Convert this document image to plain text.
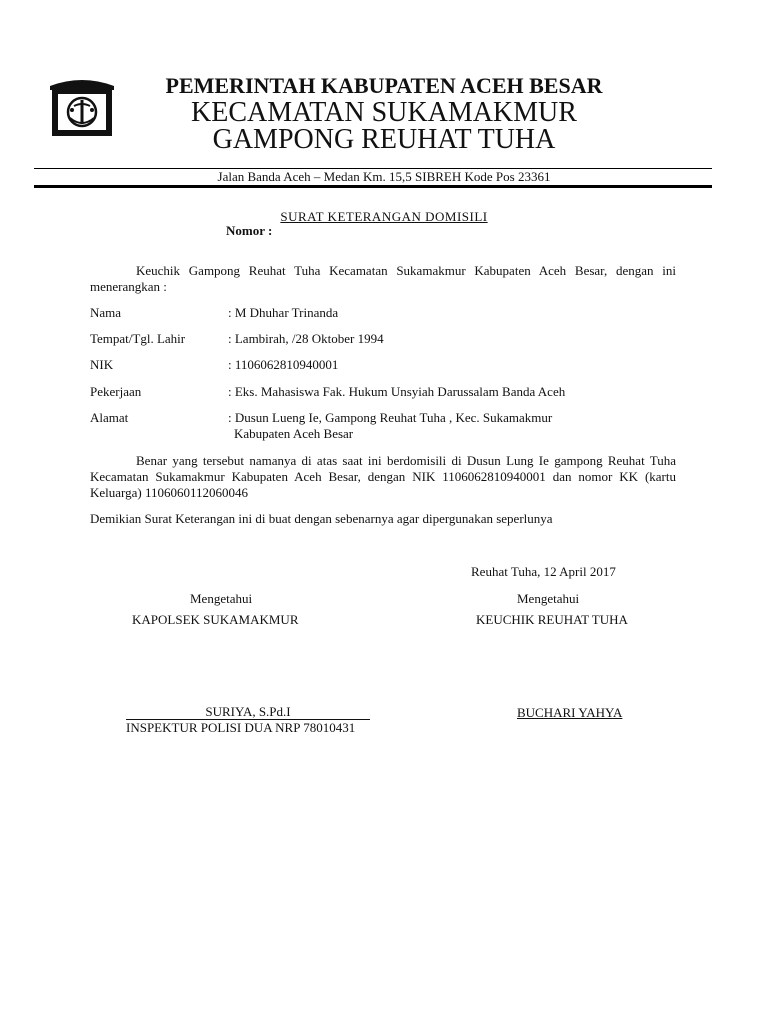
PEMERINTAH KABUPATEN ACEH BESAR
KECAMATAN SUKAMAKMUR
GAMPONG REUHAT TUHA
Jalan Banda Aceh – Medan Km. 15,5 SIBREH Kode Pos 23361
SURAT KETERANGAN DOMISILI
Nomor :
Keuchik Gampong Reuhat Tuha Kecamatan Sukamakmur Kabupaten Aceh Besar, dengan ini menerangkan :
Nama	: M Dhuhar Trinanda
Tempat/Tgl. Lahir	: Lambirah, /28 Oktober 1994
NIK	: 1106062810940001
Pekerjaan	: Eks. Mahasiswa Fak. Hukum Unsyiah Darussalam Banda Aceh
Alamat	: Dusun Lueng Ie, Gampong Reuhat Tuha , Kec. Sukamakmur
Kabupaten Aceh Besar
Benar yang tersebut namanya di atas saat ini berdomisili di Dusun Lung Ie gampong Reuhat Tuha Kecamatan Sukamakmur Kabupaten Aceh Besar, dengan NIK 1106062810940001 dan nomor KK (kartu Keluarga) 1106060112060046
Demikian Surat Keterangan ini di buat dengan sebenarnya agar dipergunakan seperlunya
Reuhat Tuha, 12 April 2017
Mengetahui	Mengetahui
KAPOLSEK SUKAMAKMUR	KEUCHIK REUHAT TUHA
SURIYA, S.Pd.I	BUCHARI YAHYA
INSPEKTUR POLISI DUA NRP 78010431
